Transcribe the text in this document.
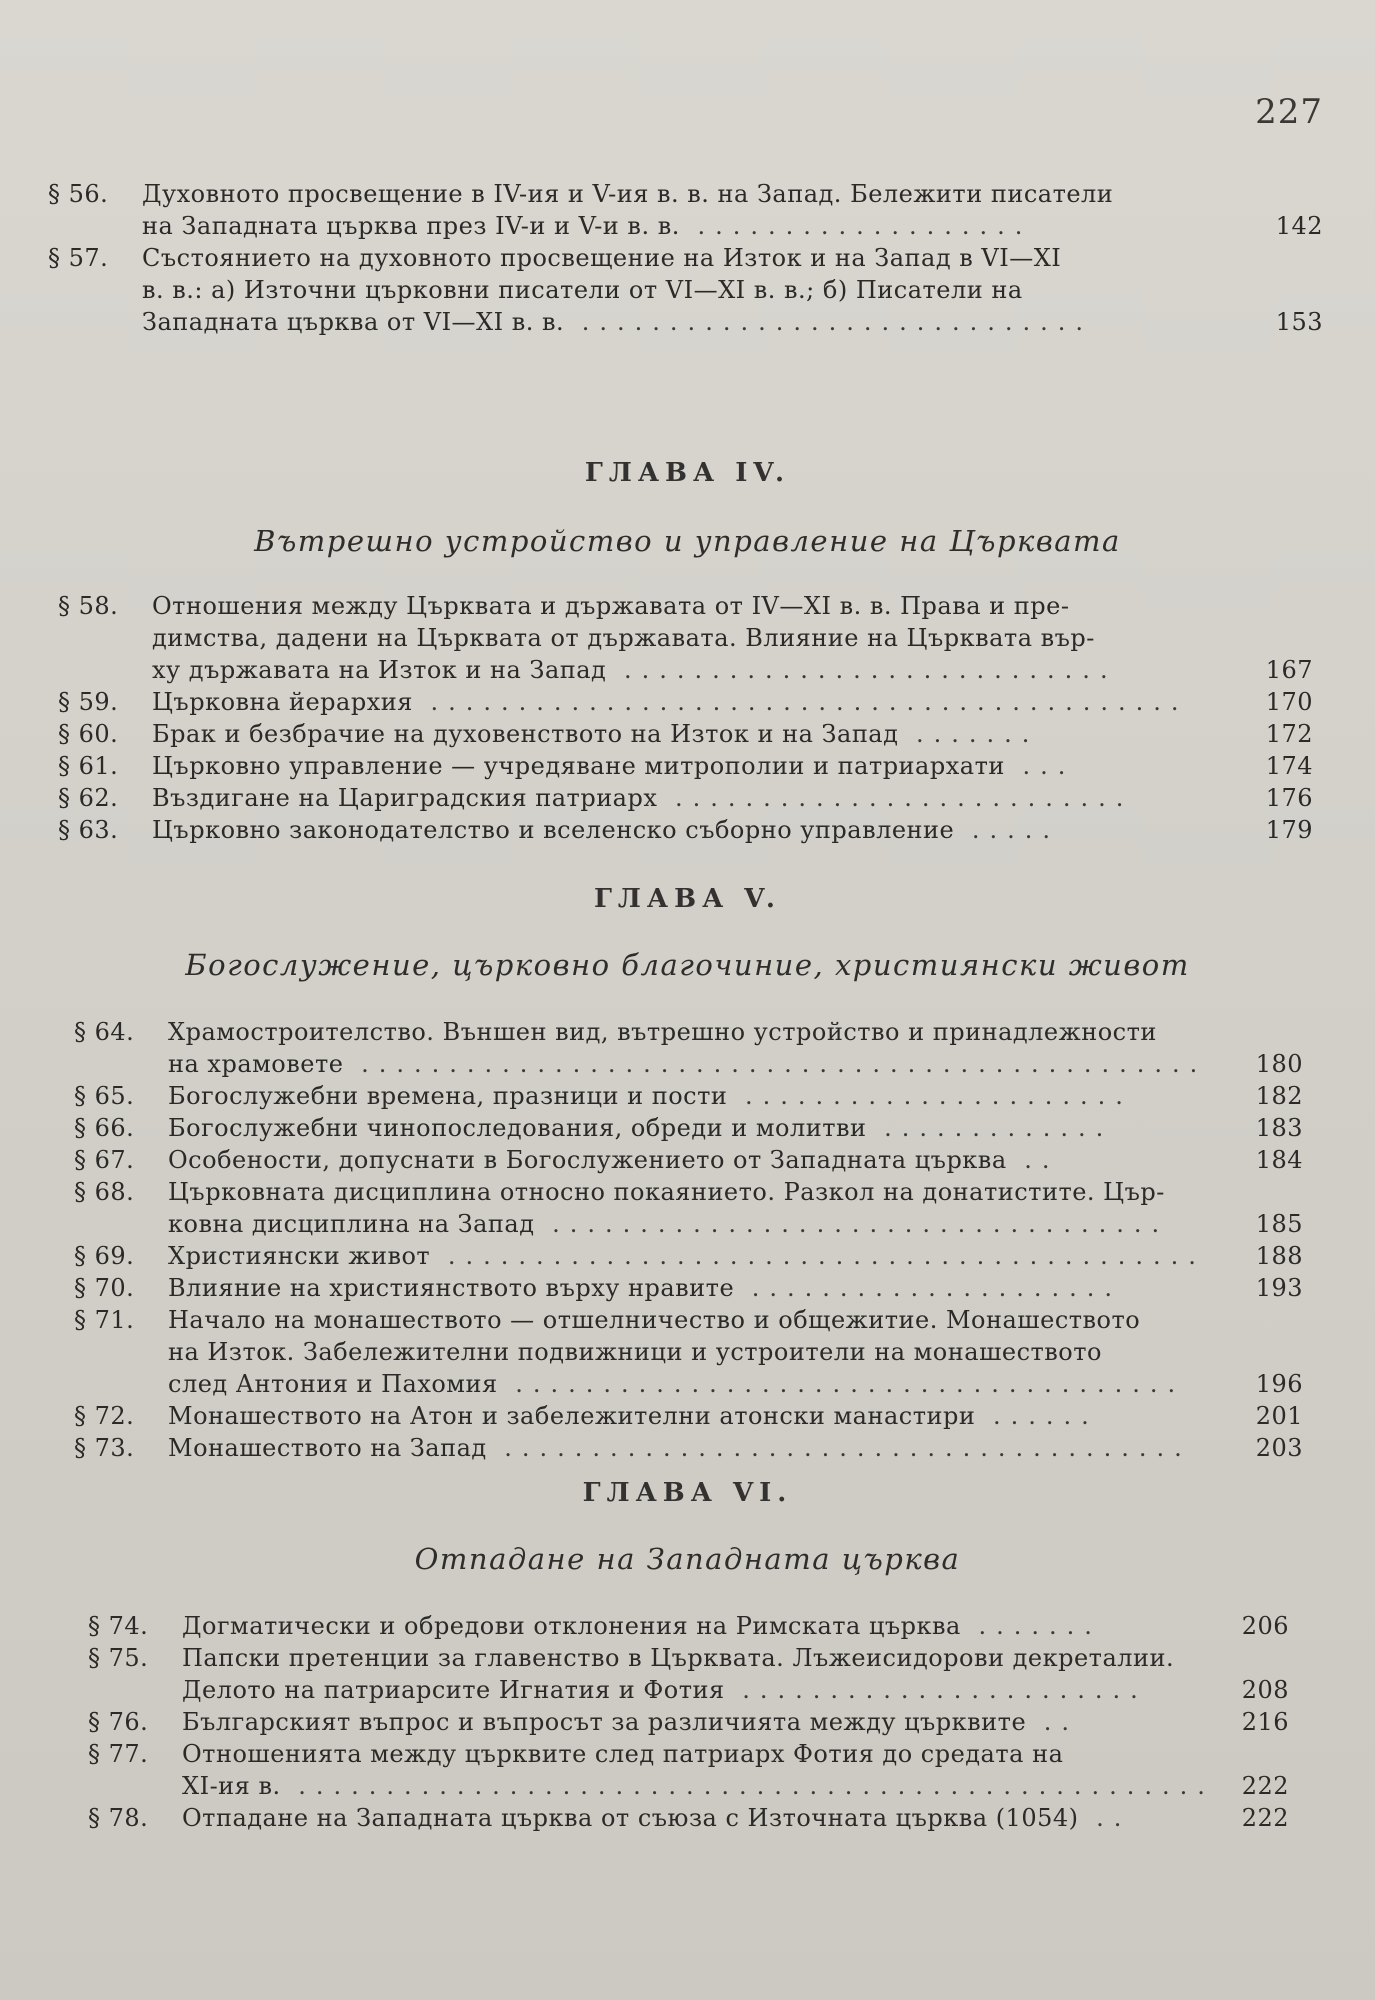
227
§ 56.	Духовното просвещение в IV-ия и V-ия в. в. на Запад. Бележити писатели
на Западната църква през IV-и и V-и в. в. ...................	142
§ 57.	Състоянието на духовното просвещение на Изток и на Запад в VI—XI
в. в.: а) Източни църковни писатели от VI—XI в. в.; б) Писатели на
Западната църква от VI—XI в. в. .............................	153
ГЛАВА IV.
Вътрешно устройство и управление на Църквата
§ 58.	Отношения между Църквата и държавата от IV—XI в. в. Права и пре-
димства, дадени на Църквата от държавата. Влияние на Църквата вър-
ху държавата на Изток и на Запад ............................	167
§ 59.	Църковна йерархия ...........................................	170
§ 60.	Брак и безбрачие на духовенството на Изток и на Запад .......	172
§ 61.	Църковно управление — учредяване митрополии и патриархати ...	174
§ 62.	Въздигане на Цариградския патриарх ..........................	176
§ 63.	Църковно законодателство и вселенско съборно управление .....	179
ГЛАВА V.
Богослужение, църковно благочиние, християнски живот
§ 64.	Храмостроителство. Външен вид, вътрешно устройство и принадлежности
на храмовете ................................................	180
§ 65.	Богослужебни времена, празници и пости ......................	182
§ 66.	Богослужебни чинопоследования, обреди и молитви .............	183
§ 67.	Особености, допуснати в Богослужението от Западната църква ..	184
§ 68.	Църковната дисциплина относно покаянието. Разкол на донатистите. Цър-
ковна дисциплина на Запад ...................................	185
§ 69.	Християнски живот ...........................................	188
§ 70.	Влияние на християнството върху нравите .....................	193
§ 71.	Начало на монашеството — отшелничество и общежитие. Монашеството
на Изток. Забележителни подвижници и устроители на монашеството
след Антония и Пахомия ......................................	196
§ 72.	Монашеството на Атон и забележителни атонски манастири ......	201
§ 73.	Монашеството на Запад .......................................	203
ГЛАВА VI.
Отпадане на Западната църква
§ 74.	Догматически и обредови отклонения на Римската църква .......	206
§ 75.	Папски претенции за главенство в Църквата. Лъжеисидорови декреталии.
Делото на патриарсите Игнатия и Фотия .......................	208
§ 76.	Българският въпрос и въпросът за различията между църквите ..	216
§ 77.	Отношенията между църквите след патриарх Фотия до средата на
XI-ия в. ....................................................	222
§ 78.	Отпадане на Западната църква от съюза с Източната църква (1054) ..	222
